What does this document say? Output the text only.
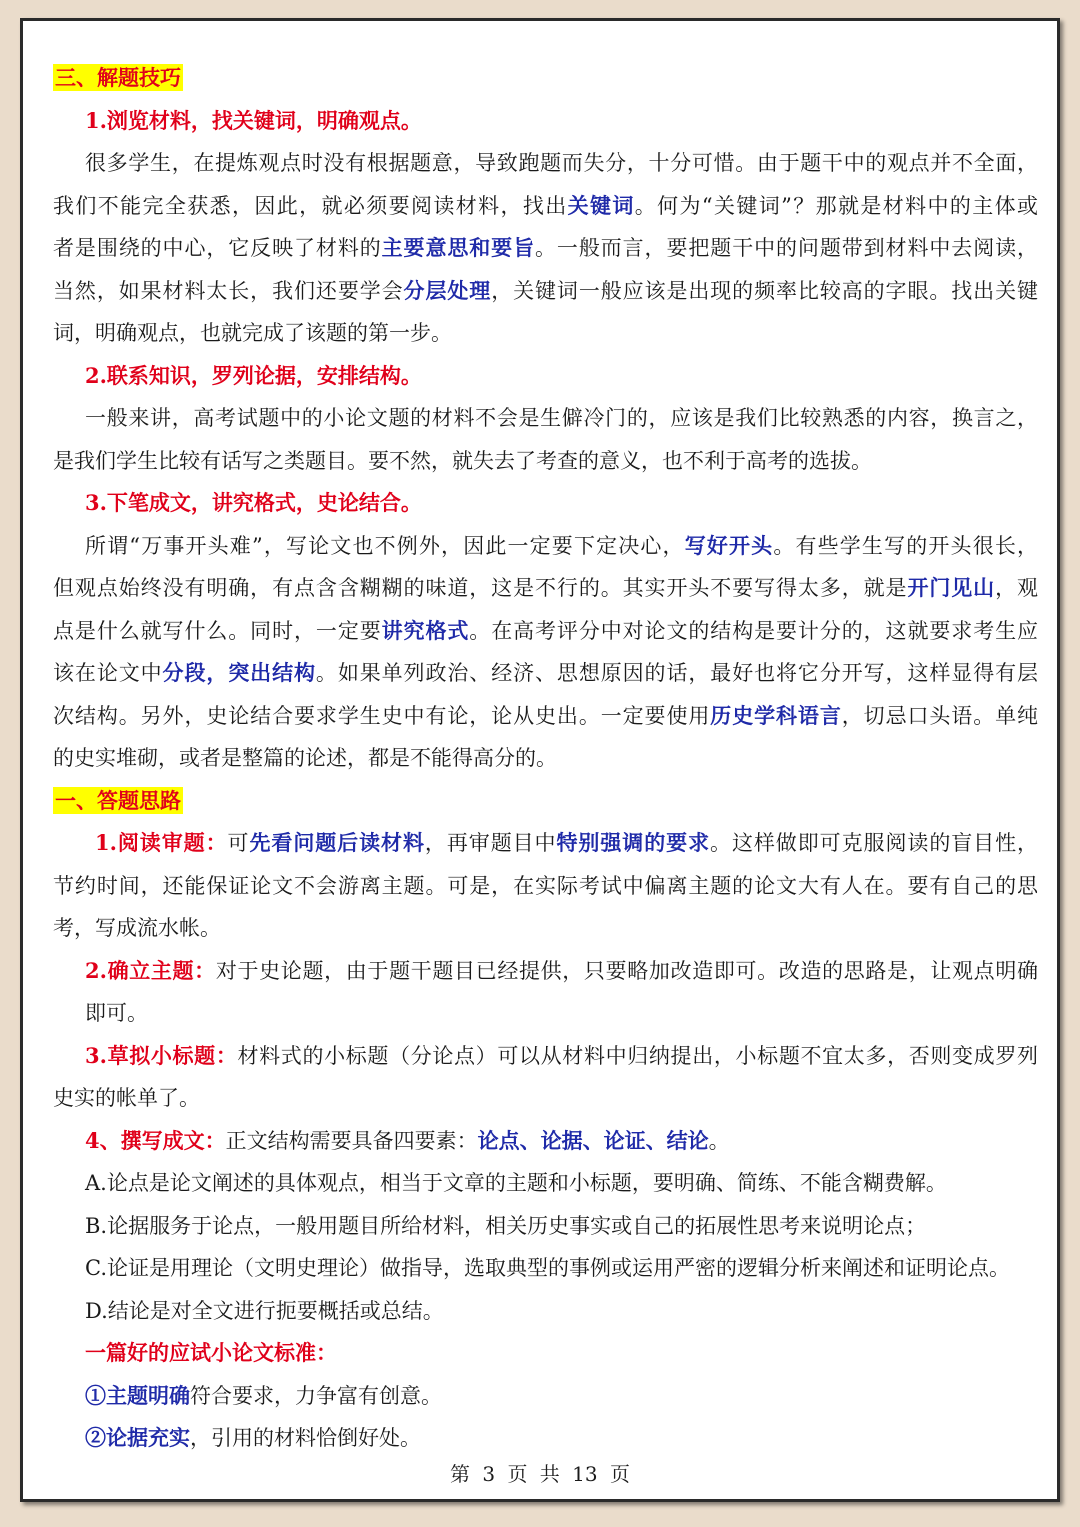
三、解题技巧
1.浏览材料，找关键词，明确观点。
很多学生，在提炼观点时没有根据题意，导致跑题而失分，十分可惜。由于题干中的观点并不全面，
我们不能完全获悉，因此，就必须要阅读材料，找出关键词。何为“关键词”？那就是材料中的主体或
者是围绕的中心，它反映了材料的主要意思和要旨。一般而言，要把题干中的问题带到材料中去阅读，
当然，如果材料太长，我们还要学会分层处理，关键词一般应该是出现的频率比较高的字眼。找出关键
词，明确观点，也就完成了该题的第一步。
2.联系知识，罗列论据，安排结构。
一般来讲，高考试题中的小论文题的材料不会是生僻冷门的，应该是我们比较熟悉的内容，换言之，
是我们学生比较有话写之类题目。要不然，就失去了考查的意义，也不利于高考的选拔。
3.下笔成文，讲究格式，史论结合。
所谓“万事开头难”，写论文也不例外，因此一定要下定决心，写好开头。有些学生写的开头很长，
但观点始终没有明确，有点含含糊糊的味道，这是不行的。其实开头不要写得太多，就是开门见山，观
点是什么就写什么。同时，一定要讲究格式。在高考评分中对论文的结构是要计分的，这就要求考生应
该在论文中分段，突出结构。如果单列政治、经济、思想原因的话，最好也将它分开写，这样显得有层
次结构。另外，史论结合要求学生史中有论，论从史出。一定要使用历史学科语言，切忌口头语。单纯
的史实堆砌，或者是整篇的论述，都是不能得高分的。
一、答题思路
1.阅读审题：可先看问题后读材料，再审题目中特别强调的要求。这样做即可克服阅读的盲目性，
节约时间，还能保证论文不会游离主题。可是，在实际考试中偏离主题的论文大有人在。要有自己的思
考，写成流水帐。
2.确立主题：对于史论题，由于题干题目已经提供，只要略加改造即可。改造的思路是，让观点明确
即可。
3.草拟小标题：材料式的小标题（分论点）可以从材料中归纳提出，小标题不宜太多，否则变成罗列
史实的帐单了。
4、撰写成文：正文结构需要具备四要素：论点、论据、论证、结论。
A.论点是论文阐述的具体观点，相当于文章的主题和小标题，要明确、简练、不能含糊费解。
B.论据服务于论点，一般用题目所给材料，相关历史事实或自己的拓展性思考来说明论点；
C.论证是用理论（文明史理论）做指导，选取典型的事例或运用严密的逻辑分析来阐述和证明论点。
D.结论是对全文进行扼要概括或总结。
一篇好的应试小论文标准：
①主题明确符合要求，力争富有创意。
②论据充实，引用的材料恰倒好处。
第 3 页 共 13 页
